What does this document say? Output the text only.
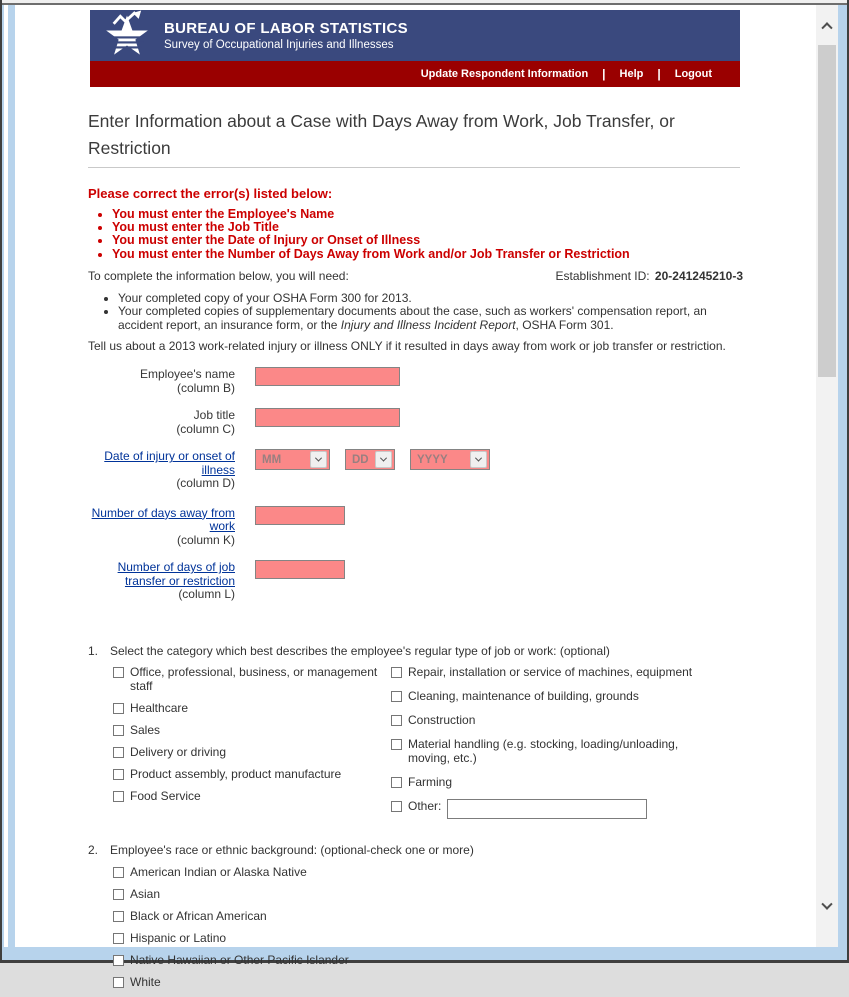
BUREAU OF LABOR STATISTICS
Survey of Occupational Injuries and Illnesses
Update Respondent Information | Help | Logout
Enter Information about a Case with Days Away from Work, Job Transfer, or Restriction
Please correct the error(s) listed below:
• You must enter the Employee's Name
• You must enter the Job Title
• You must enter the Date of Injury or Onset of Illness
• You must enter the Number of Days Away from Work and/or Job Transfer or Restriction
To complete the information below, you will need:	Establishment ID: 20-241245210-3
• Your completed copy of your OSHA Form 300 for 2013.
• Your completed copies of supplementary documents about the case, such as workers' compensation report, an accident report, an insurance form, or the Injury and Illness Incident Report, OSHA Form 301.
Tell us about a 2013 work-related injury or illness ONLY if it resulted in days away from work or job transfer or restriction.
Employee's name
(column B)
Job title
(column C)
Date of injury or onset of illness
(column D)
MM	DD	YYYY
Number of days away from work
(column K)
Number of days of job transfer or restriction
(column L)
1. Select the category which best describes the employee's regular type of job or work: (optional)
Office, professional, business, or management staff
Healthcare
Sales
Delivery or driving
Product assembly, product manufacture
Food Service
Repair, installation or service of machines, equipment
Cleaning, maintenance of building, grounds
Construction
Material handling (e.g. stocking, loading/unloading, moving, etc.)
Farming
Other:
2. Employee's race or ethnic background: (optional-check one or more)
American Indian or Alaska Native
Asian
Black or African American
Hispanic or Latino
Native Hawaiian or Other Pacific Islander
White
